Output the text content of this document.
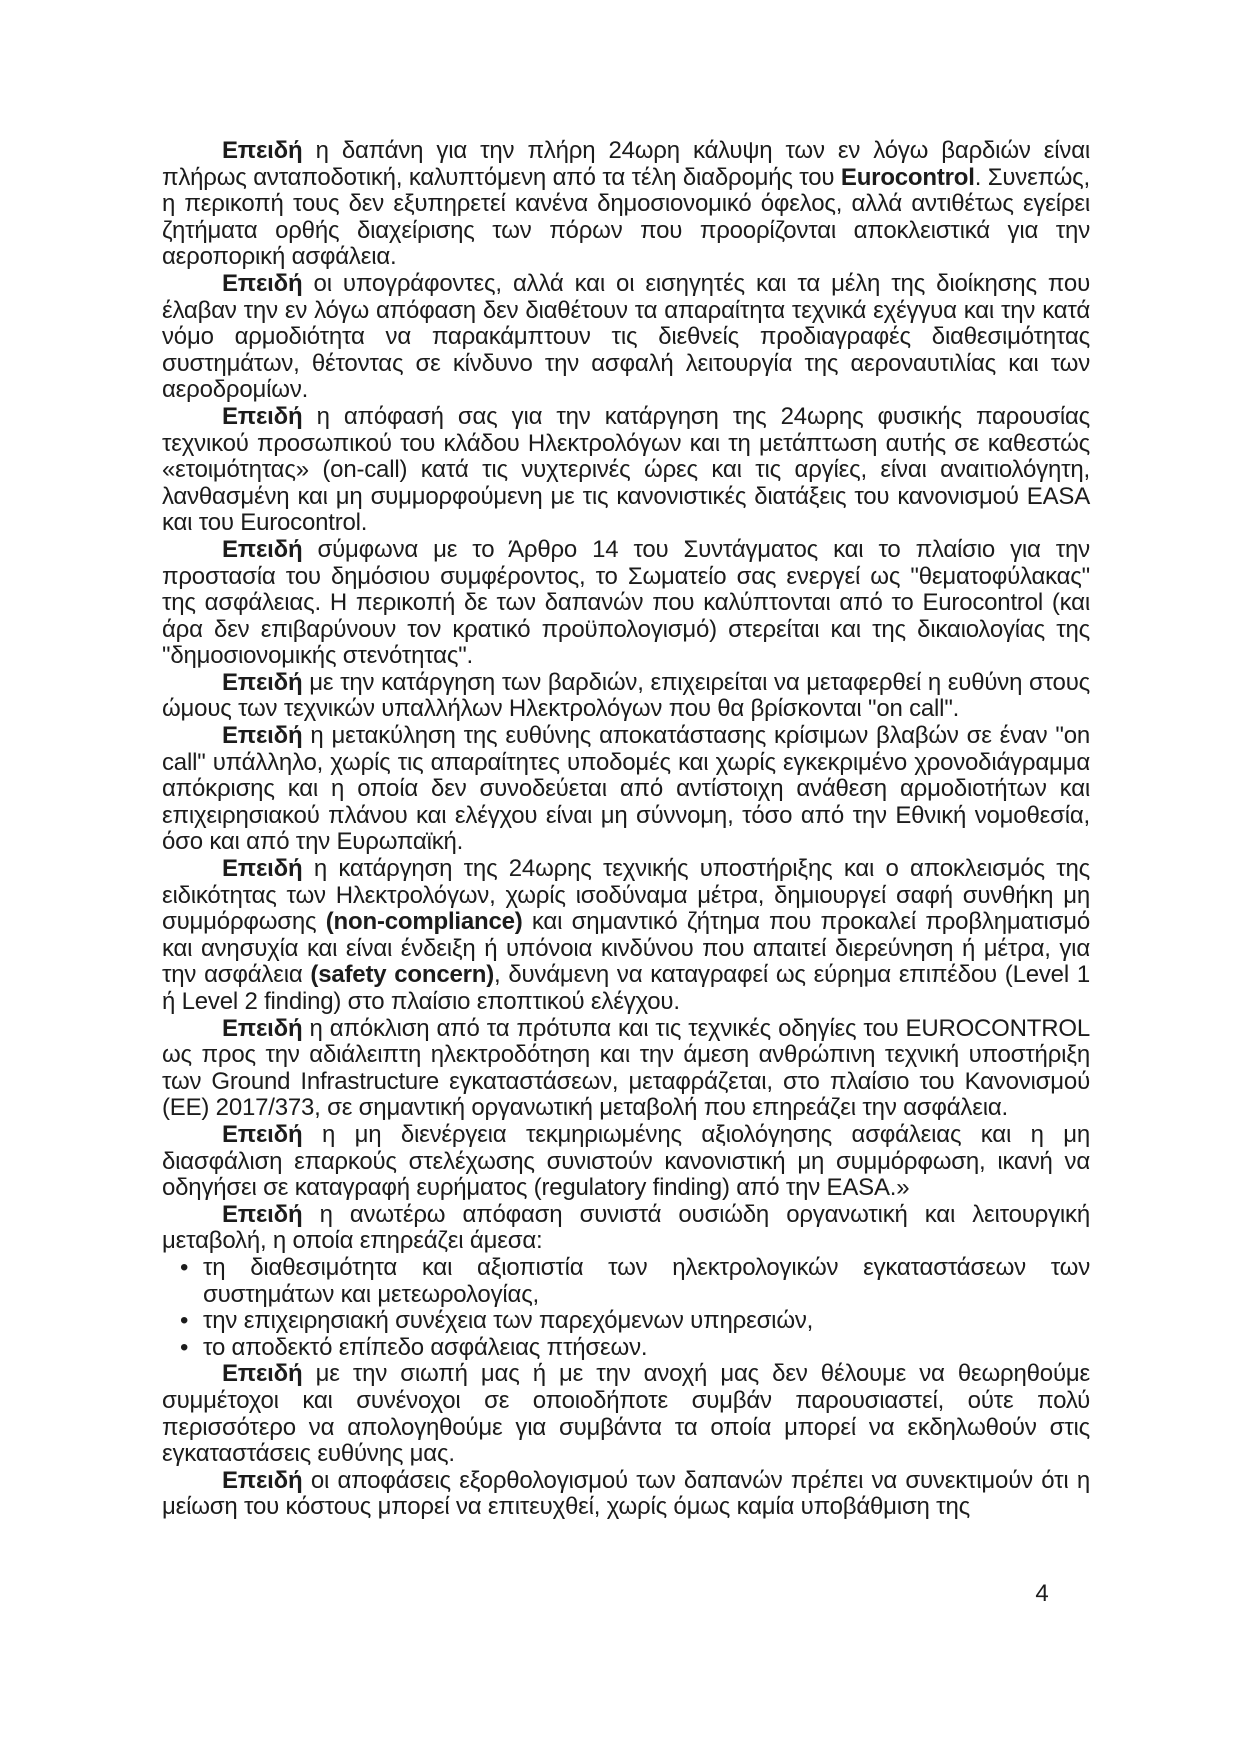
Επειδή η δαπάνη για την πλήρη 24ωρη κάλυψη των εν λόγω βαρδιών είναι πλήρως ανταποδοτική, καλυπτόμενη από τα τέλη διαδρομής του Eurocontrol. Συνεπώς, η περικοπή τους δεν εξυπηρετεί κανένα δημοσιονομικό όφελος, αλλά αντιθέτως εγείρει ζητήματα ορθής διαχείρισης των πόρων που προορίζονται αποκλειστικά για την αεροπορική ασφάλεια.

Επειδή οι υπογράφοντες, αλλά και οι εισηγητές και τα μέλη της διοίκησης που έλαβαν την εν λόγω απόφαση δεν διαθέτουν τα απαραίτητα τεχνικά εχέγγυα και την κατά νόμο αρμοδιότητα να παρακάμπτουν τις διεθνείς προδιαγραφές διαθεσιμότητας συστημάτων, θέτοντας σε κίνδυνο την ασφαλή λειτουργία της αεροναυτιλίας και των αεροδρομίων.

Επειδή η απόφασή σας για την κατάργηση της 24ωρης φυσικής παρουσίας τεχνικού προσωπικού του κλάδου Ηλεκτρολόγων και τη μετάπτωση αυτής σε καθεστώς «ετοιμότητας» (on-call) κατά τις νυχτερινές ώρες και τις αργίες, είναι αναιτιολόγητη, λανθασμένη και μη συμμορφούμενη με τις κανονιστικές διατάξεις του κανονισμού EASA και του Eurocontrol.

Επειδή σύμφωνα με το Άρθρο 14 του Συντάγματος και το πλαίσιο για την προστασία του δημόσιου συμφέροντος, το Σωματείο σας ενεργεί ως "θεματοφύλακας" της ασφάλειας. Η περικοπή δε των δαπανών που καλύπτονται από το Eurocontrol (και άρα δεν επιβαρύνουν τον κρατικό προϋπολογισμό) στερείται και της δικαιολογίας της "δημοσιονομικής στενότητας".

Επειδή με την κατάργηση των βαρδιών, επιχειρείται να μεταφερθεί η ευθύνη στους ώμους των τεχνικών υπαλλήλων Ηλεκτρολόγων που θα βρίσκονται "on call".

Επειδή η μετακύληση της ευθύνης αποκατάστασης κρίσιμων βλαβών σε έναν "on call" υπάλληλο, χωρίς τις απαραίτητες υποδομές και χωρίς εγκεκριμένο χρονοδιάγραμμα απόκρισης και η οποία δεν συνοδεύεται από αντίστοιχη ανάθεση αρμοδιοτήτων και επιχειρησιακού πλάνου και ελέγχου είναι μη σύννομη, τόσο από την Εθνική νομοθεσία, όσο και από την Ευρωπαϊκή.

Επειδή η κατάργηση της 24ωρης τεχνικής υποστήριξης και ο αποκλεισμός της ειδικότητας των Ηλεκτρολόγων, χωρίς ισοδύναμα μέτρα, δημιουργεί σαφή συνθήκη μη συμμόρφωσης (non-compliance) και σημαντικό ζήτημα που προκαλεί προβληματισμό και ανησυχία και είναι ένδειξη ή υπόνοια κινδύνου που απαιτεί διερεύνηση ή μέτρα, για την ασφάλεια (safety concern), δυνάμενη να καταγραφεί ως εύρημα επιπέδου (Level 1 ή Level 2 finding) στο πλαίσιο εποπτικού ελέγχου.

Επειδή η απόκλιση από τα πρότυπα και τις τεχνικές οδηγίες του EUROCONTROL ως προς την αδιάλειπτη ηλεκτροδότηση και την άμεση ανθρώπινη τεχνική υποστήριξη των Ground Infrastructure εγκαταστάσεων, μεταφράζεται, στο πλαίσιο του Κανονισμού (ΕΕ) 2017/373, σε σημαντική οργανωτική μεταβολή που επηρεάζει την ασφάλεια.

Επειδή η μη διενέργεια τεκμηριωμένης αξιολόγησης ασφάλειας και η μη διασφάλιση επαρκούς στελέχωσης συνιστούν κανονιστική μη συμμόρφωση, ικανή να οδηγήσει σε καταγραφή ευρήματος (regulatory finding) από την EASA.»

Επειδή η ανωτέρω απόφαση συνιστά ουσιώδη οργανωτική και λειτουργική μεταβολή, η οποία επηρεάζει άμεσα:

• τη διαθεσιμότητα και αξιοπιστία των ηλεκτρολογικών εγκαταστάσεων των συστημάτων και μετεωρολογίας,
• την επιχειρησιακή συνέχεια των παρεχόμενων υπηρεσιών,
• το αποδεκτό επίπεδο ασφάλειας πτήσεων.

Επειδή με την σιωπή μας ή με την ανοχή μας δεν θέλουμε να θεωρηθούμε συμμέτοχοι και συνένοχοι σε οποιοδήποτε συμβάν παρουσιαστεί, ούτε πολύ περισσότερο να απολογηθούμε για συμβάντα τα οποία μπορεί να εκδηλωθούν στις εγκαταστάσεις ευθύνης μας.

Επειδή οι αποφάσεις εξορθολογισμού των δαπανών πρέπει να συνεκτιμούν ότι η μείωση του κόστους μπορεί να επιτευχθεί, χωρίς όμως καμία υποβάθμιση της

4
